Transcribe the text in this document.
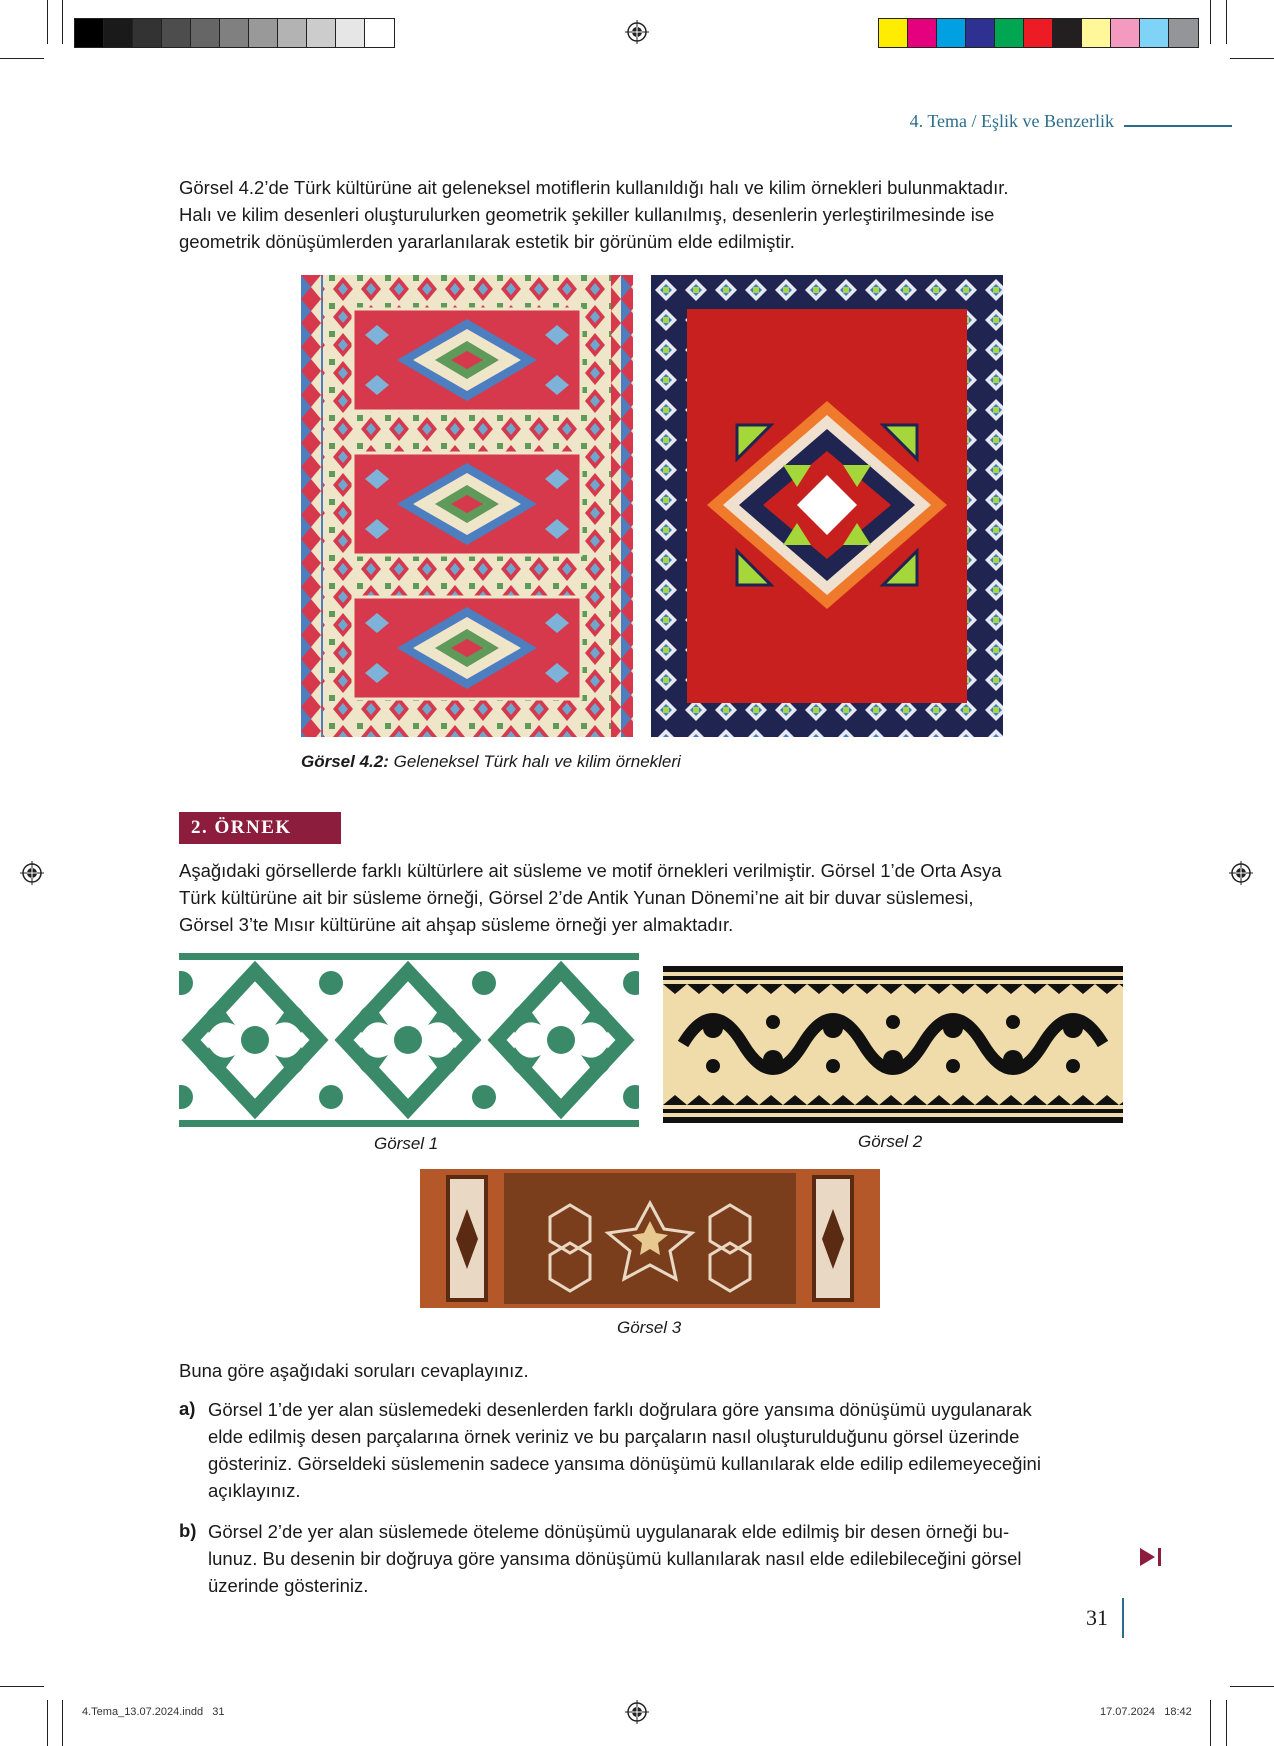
4. Tema / Eşlik ve Benzerlik

Görsel 4.2’de Türk kültürüne ait geleneksel motiflerin kullanıldığı halı ve kilim örnekleri bulunmaktadır.
Halı ve kilim desenleri oluşturulurken geometrik şekiller kullanılmış, desenlerin yerleştirilmesinde ise
geometrik dönüşümlerden yararlanılarak estetik bir görünüm elde edilmiştir.

Görsel 4.2: Geleneksel Türk halı ve kilim örnekleri
2. ÖRNEK

Aşağıdaki görsellerde farklı kültürlere ait süsleme ve motif örnekleri verilmiştir. Görsel 1’de Orta Asya
Türk kültürüne ait bir süsleme örneği, Görsel 2’de Antik Yunan Dönemi’ne ait bir duvar süslemesi,
Görsel 3’te Mısır kültürüne ait ahşap süsleme örneği yer almaktadır.

Görsel 1	Görsel 2
Görsel 3

Buna göre aşağıdaki soruları cevaplayınız.

a) Görsel 1’de yer alan süslemedeki desenlerden farklı doğrulara göre yansıma dönüşümü uygulanarak
elde edilmiş desen parçalarına örnek veriniz ve bu parçaların nasıl oluşturulduğunu görsel üzerinde
gösteriniz. Görseldeki süslemenin sadece yansıma dönüşümü kullanılarak elde edilip edilemeyeceğini
açıklayınız.

b) Görsel 2’de yer alan süslemede öteleme dönüşümü uygulanarak elde edilmiş bir desen örneği bu-
lunuz. Bu desenin bir doğruya göre yansıma dönüşümü kullanılarak nasıl elde edilebileceğini görsel
üzerinde gösteriniz.

31
4.Tema_13.07.2024.indd   31	17.07.2024   18:42
